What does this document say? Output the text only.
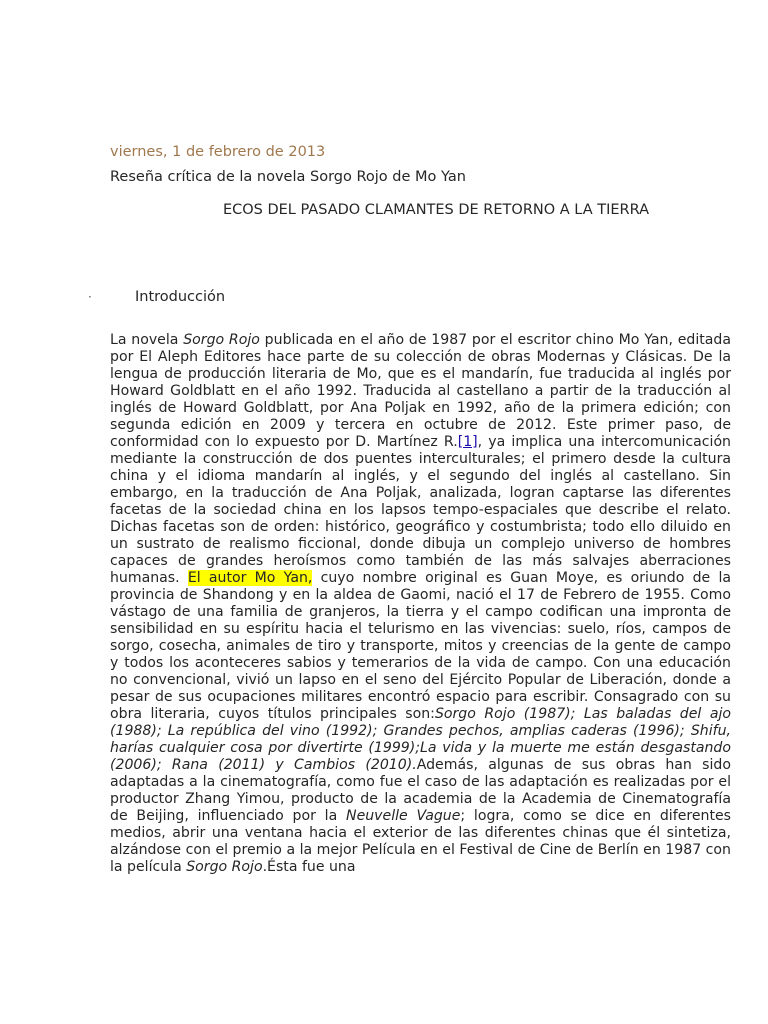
viernes, 1 de febrero de 2013

Reseña crítica de la novela Sorgo Rojo de Mo Yan
ECOS DEL PASADO CLAMANTES DE RETORNO A LA TIERRA
·	Introducción

La novela Sorgo Rojo publicada en el año de 1987 por el escritor chino Mo Yan, editada por El Aleph Editores hace parte de su colección de obras Modernas y Clásicas. De la lengua de producción literaria de Mo, que es el mandarín, fue traducida al inglés por Howard Goldblatt en el año 1992. Traducida al castellano a partir de la traducción al inglés de Howard Goldblatt, por Ana Poljak en 1992, año de la primera edición; con segunda edición en 2009 y tercera en octubre de 2012. Este primer paso, de conformidad con lo expuesto por D. Martínez R.[1], ya implica una intercomunicación mediante la construcción de dos puentes interculturales; el primero desde la cultura china y el idioma mandarín al inglés, y el segundo del inglés al castellano. Sin embargo, en la traducción de Ana Poljak, analizada, logran captarse las diferentes facetas de la sociedad china en los lapsos tempo-espaciales que describe el relato. Dichas facetas son de orden: histórico, geográfico y costumbrista; todo ello diluido en un sustrato de realismo ficcional, donde dibuja un complejo universo de hombres capaces de grandes heroísmos como también de las más salvajes aberraciones humanas. El autor Mo Yan, cuyo nombre original es Guan Moye, es oriundo de la provincia de Shandong y en la aldea de Gaomi, nació el 17 de Febrero de 1955. Como vástago de una familia de granjeros, la tierra y el campo codifican una impronta de sensibilidad en su espíritu hacia el telurismo en las vivencias: suelo, ríos, campos de sorgo, cosecha, animales de tiro y transporte, mitos y creencias de la gente de campo y todos los aconteceres sabios y temerarios de la vida de campo. Con una educación no convencional, vivió un lapso en el seno del Ejército Popular de Liberación, donde a pesar de sus ocupaciones militares encontró espacio para escribir. Consagrado con su obra literaria, cuyos títulos principales son:Sorgo Rojo (1987); Las baladas del ajo (1988); La república del vino (1992); Grandes pechos, amplias caderas (1996); Shifu, harías cualquier cosa por divertirte (1999);La vida y la muerte me están desgastando (2006); Rana (2011) y Cambios (2010).Además, algunas de sus obras han sido adaptadas a la cinematografía, como fue el caso de las adaptación es realizadas por el productor Zhang Yimou, producto de la academia de la Academia de Cinematografía de Beijing, influenciado por la Neuvelle Vague; logra, como se dice en diferentes medios, abrir una ventana hacia el exterior de las diferentes chinas que él sintetiza, alzándose con el premio a la mejor Película en el Festival de Cine de Berlín en 1987 con la película Sorgo Rojo.Ésta fue una
